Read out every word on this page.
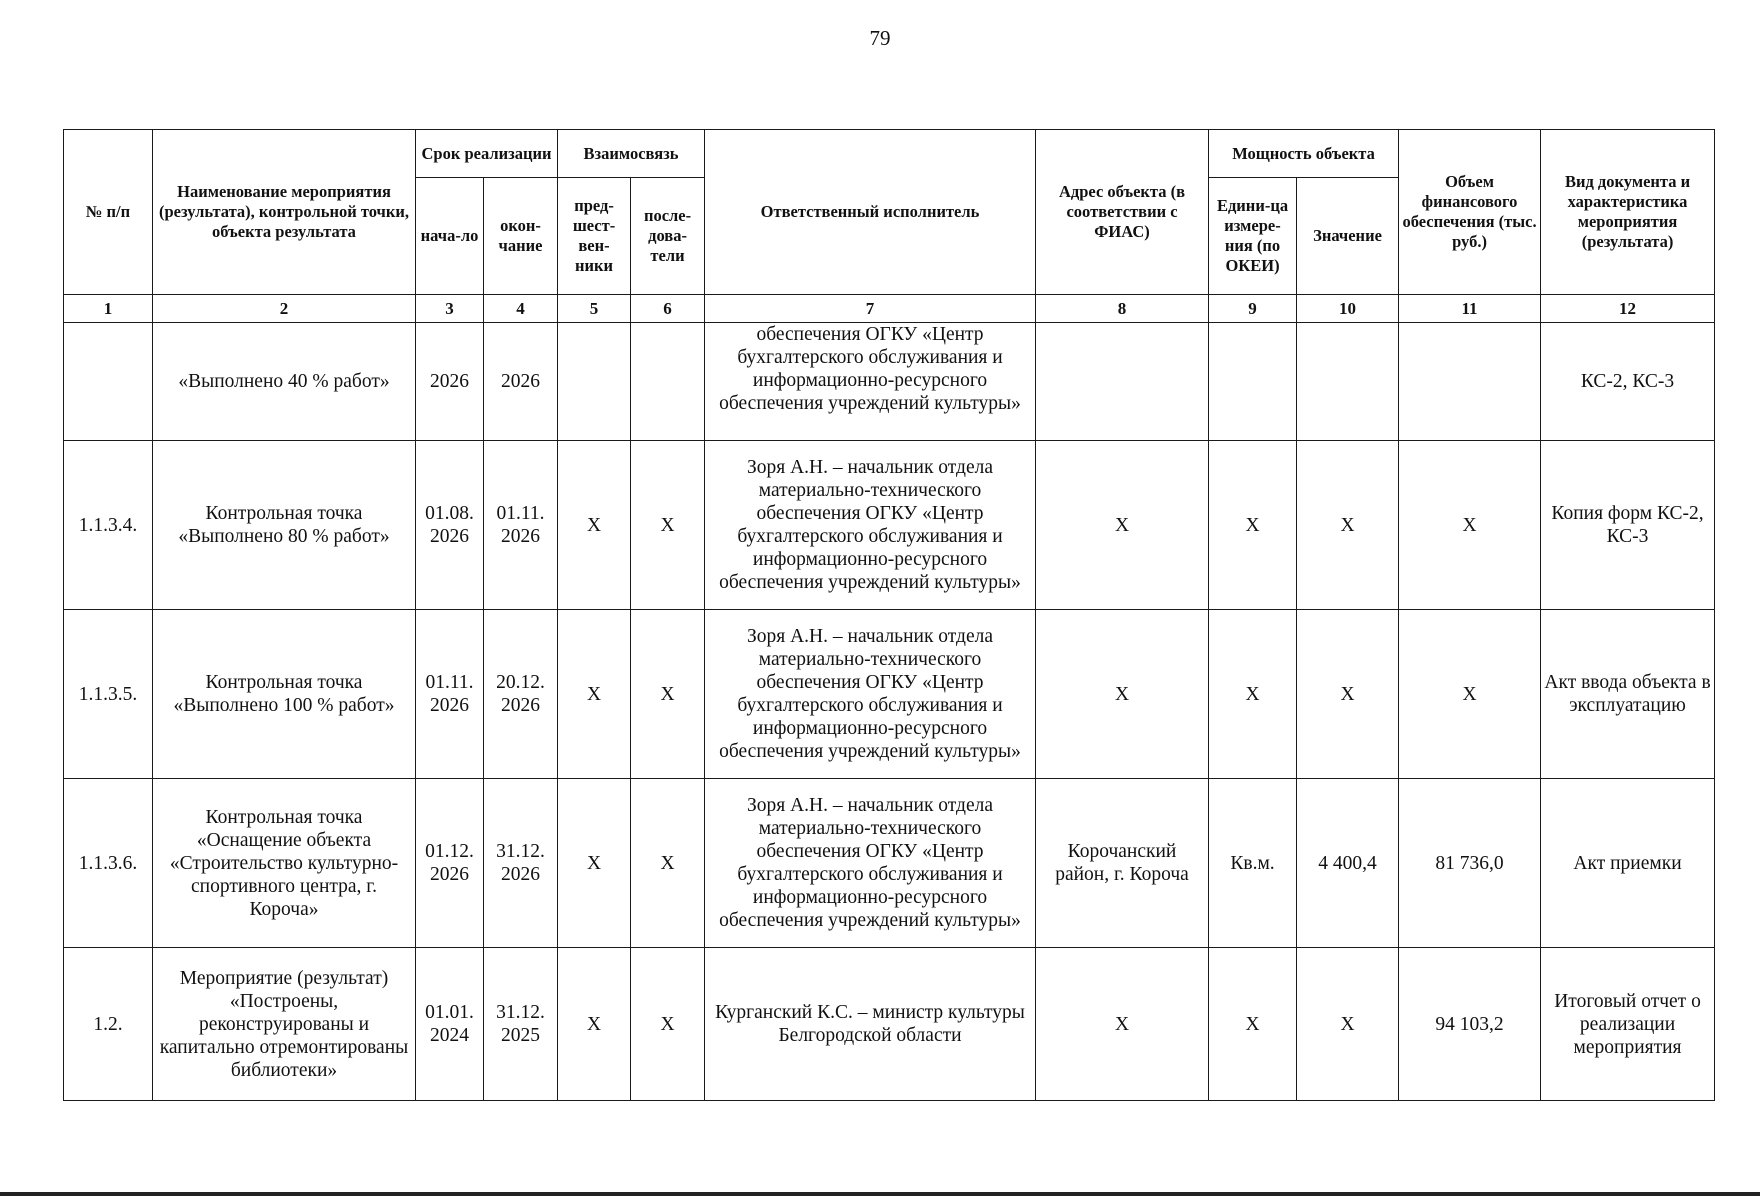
79
№ п/п	Наименование мероприятия (результата), контрольной точки, объекта результата	Срок реализации		Взаимосвязь		Ответственный исполнитель	Адрес объекта (в соответствии с ФИАС)	Мощность объекта		Объем финансового обеспечения (тыс. руб.)	Вид документа и характеристика мероприятия (результата)
		нача-ло	окон-чание	пред-шест-вен-ники	после-дова-тели			Едини-ца измере-ния (по ОКЕИ)	Значение		
1	2	3	4	5	6	7	8	9	10	11	12
	«Выполнено 40 % работ»	2026	2026			обеспечения ОГКУ «Центр бухгалтерского обслуживания и информационно-ресурсного обеспечения учреждений культуры»					КС-2, КС-3
1.1.3.4.	Контрольная точка «Выполнено 80 % работ»	01.08. 2026	01.11. 2026	Х	Х	Зоря А.Н. – начальник отдела материально-технического обеспечения ОГКУ «Центр бухгалтерского обслуживания и информационно-ресурсного обеспечения учреждений культуры»	Х	Х	Х	Х	Копия форм КС-2, КС-3
1.1.3.5.	Контрольная точка «Выполнено 100 % работ»	01.11. 2026	20.12. 2026	Х	Х	Зоря А.Н. – начальник отдела материально-технического обеспечения ОГКУ «Центр бухгалтерского обслуживания и информационно-ресурсного обеспечения учреждений культуры»	Х	Х	Х	Х	Акт ввода объекта в эксплуатацию
1.1.3.6.	Контрольная точка «Оснащение объекта «Строительство культурно-спортивного центра, г. Короча»	01.12. 2026	31.12. 2026	Х	Х	Зоря А.Н. – начальник отдела материально-технического обеспечения ОГКУ «Центр бухгалтерского обслуживания и информационно-ресурсного обеспечения учреждений культуры»	Корочанский район, г. Короча	Кв.м.	4 400,4	81 736,0	Акт приемки
1.2.	Мероприятие (результат) «Построены, реконструированы и капитально отремонтированы библиотеки»	01.01. 2024	31.12. 2025	Х	Х	Курганский К.С. – министр культуры Белгородской области	Х	Х	Х	94 103,2	Итоговый отчет о реализации мероприятия
